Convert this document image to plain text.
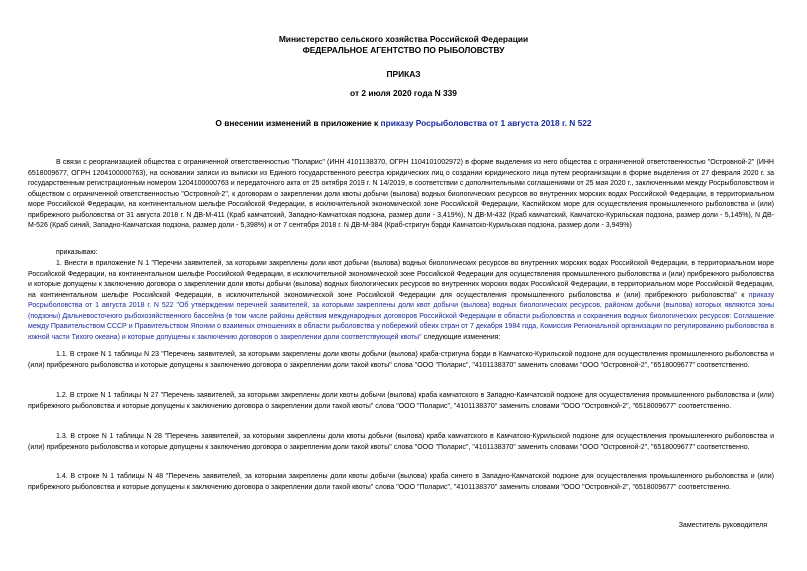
Министерство сельского хозяйства Российской Федерации
ФЕДЕРАЛЬНОЕ АГЕНТСТВО ПО РЫБОЛОВСТВУ
ПРИКАЗ
от 2 июля 2020 года N 339
О внесении изменений в приложение к приказу Росрыболовства от 1 августа 2018 г. N 522
В связи с реорганизацией общества с ограниченной ответственностью "Поларис" (ИНН 4101138370, ОГРН 1104101002972) в форме выделения из него общества с ограниченной ответственностью "Островной-2" (ИНН 6518009677, ОГРН 1204100000763), на основании записи из выписки из Единого государственного реестра юридических лиц о создании юридического лица путем реорганизации в форме выделения от 27 февраля 2020 г. за государственным регистрационным номером 1204100000763 и передаточного акта от 25 октября 2019 г. N 14/2019, в соответствии с дополнительными соглашениями от 25 мая 2020 г., заключенными между Росрыболовством и обществом с ограниченной ответственностью "Островной-2", к договорам о закреплении доли квоты добычи (вылова) водных биологических ресурсов во внутренних морских водах Российской Федерации, в территориальном море Российской Федерации, на континентальном шельфе Российской Федерации, в исключительной экономической зоне Российской Федерации, Каспийском море для осуществления промышленного рыболовства и (или) прибрежного рыболовства от 31 августа 2018 г. N ДВ-М-411 (Краб камчатский, Западно-Камчатская подзона, размер доли - 3,419%), N ДВ-М-432 (Краб камчатский, Камчатско-Курильская подзона, размер доли - 5,145%), N ДВ-М-526 (Краб синий, Западно-Камчатская подзона, размер доли - 5,398%) и от 7 сентября 2018 г. N ДВ-М-384 (Краб-стригун бэрди Камчатско-Курильская подзона, размер доли - 3,949%)
приказываю:
1. Внести в приложение N 1 "Перечни заявителей, за которыми закреплены доли квот добычи (вылова) водных биологических ресурсов во внутренних морских водах Российской Федерации, в территориальном море Российской Федерации, на континентальном шельфе Российской Федерации, в исключительной экономической зоне Российской Федерации для осуществления промышленного рыболовства и (или) прибрежного рыболовства и которые допущены к заключению договора о закреплении доли квоты добычи (вылова) водных биологических ресурсов во внутренних морских водах Российской Федерации, в территориальном море Российской Федерации, на континентальном шельфе Российской Федерации, в исключительной экономической зоне Российской Федерации для осуществления промышленного рыболовства и (или) прибрежного рыболовства" к приказу Росрыболовства от 1 августа 2018 г. N 522 "Об утверждении перечней заявителей, за которыми закреплены доли квот добычи (вылова) водных биологических ресурсов, районом добычи (вылова) которых являются зоны (подзоны) Дальневосточного рыбохозяйственного бассейна (в том числе районы действия международных договоров Российской Федерации в области рыболовства и сохранения водных биологических ресурсов: Соглашение между Правительством СССР и Правительством Японии о взаимных отношениях в области рыболовства у побережий обеих стран от 7 декабря 1984 года, Комиссия Региональной организации по регулированию рыболовства в южной части Тихого океана) и которые допущены к заключению договоров о закреплении доли соответствующей квоты" следующие изменения:
1.1. В строке N 1 таблицы N 23 "Перечень заявителей, за которыми закреплены доли квоты добычи (вылова) краба-стригуна бэрди в Камчатско-Курильской подзоне для осуществления промышленного рыболовства и (или) прибрежного рыболовства и которые допущены к заключению договора о закреплении доли такой квоты" слова "ООО "Поларис", "4101138370" заменить словами "ООО "Островной-2", "6518009677" соответственно.
1.2. В строке N 1 таблицы N 27 "Перечень заявителей, за которыми закреплены доли квоты добычи (вылова) краба камчатского в Западно-Камчатской подзоне для осуществления промышленного рыболовства и (или) прибрежного рыболовства и которые допущены к заключению договора о закреплении доли такой квоты" слова "ООО "Поларис", "4101138370" заменить словами "ООО "Островной-2", "6518009677" соответственно.
1.3. В строке N 1 таблицы N 28 "Перечень заявителей, за которыми закреплены доли квоты добычи (вылова) краба камчатского в Камчатско-Курильской подзоне для осуществления промышленного рыболовства и (или) прибрежного рыболовства и которые допущены к заключению договора о закреплении доли такой квоты" слова "ООО "Поларис", "4101138370" заменить словами "ООО "Островной-2", "6518009677" соответственно.
1.4. В строке N 1 таблицы N 48 "Перечень заявителей, за которыми закреплены доли квоты добычи (вылова) краба синего в Западно-Камчатской подзоне для осуществления промышленного рыболовства и (или) прибрежного рыболовства и которые допущены к заключению договора о закреплении доли такой квоты" слова "ООО "Поларис", "4101138370" заменить словами "ООО "Островной-2", "6518009677" соответственно.
Заместитель руководителя
